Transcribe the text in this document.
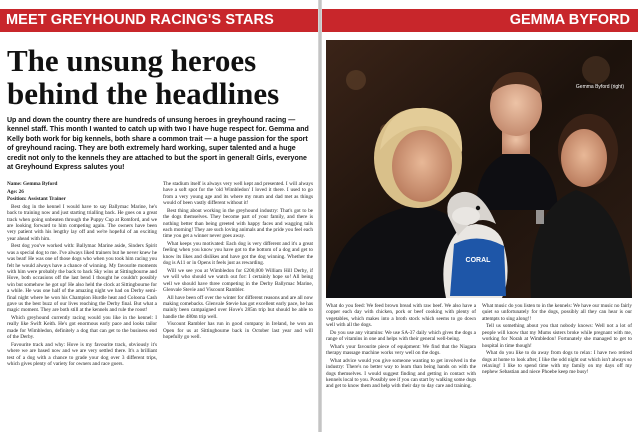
MEET GREYHOUND RACING'S STARS	GEMMA BYFORD
The unsung heroes behind the headlines

Up and down the country there are hundreds of unsung heroes in greyhound racing — kennel staff. This month I wanted to catch up with two I have huge respect for. Gemma and Kelly both work for big kennels, both share a common trait — a huge passion for the sport of greyhound racing. They are both extremely hard working, super talented and a huge credit not only to the kennels they are attached to but the sport in general! Girls, everyone at Greyhound Express salutes you!

Name: Gemma Byford

Age: 26

Position: Assistant Trainer

Best dog in the kennel I would have to say Ballymac Marine, he's back to training now and just starting trialling back. He goes on a great track when going unbeaten through the Puppy Cup at Romford, and we are looking forward to him competing again. The owners have been very patient with his lengthy lay off and we're hopeful of an exciting year ahead with him.

Best dog you've worked with: Ballymac Marine aside, Sinders Spirit was a special dog to me. I've always liked trainers but he never knew he was beat! He was one of those dogs who when you took him racing you felt he would always have a chance of winning. My favourite moments with him were probably the back to back Sky wins at Sittingbourne and Hove, both occasions off the last bend I thought he couldn't possibly win but somehow he got up! He also held the clock at Sittingbourne for a while. He was one half of the amazing night we had on Derby semi-final night where he won his Champion Hurdle heat and Coloona Cash gave us the best buzz of our lives reaching the Derby final. But what a magic moment. They are both still at the kennels and rule the roost!

Which greyhound currently racing would you like in the kennel: I really like Swift Keith. He's got enormous early pace and looks tailor made for Wimbledon, definitely a dog that can get to the business end of the Derby.

Favourite track and why: Hove is my favourite track, obviously it's where we are based now and we are very settled there. It's a brilliant test of a dog with a chance to grade your dog over 3 different trips, which gives plenty of variety for owners and race goers.

The stadium itself is always very well kept and presented. I will always have a soft spot for the 'old Wimbledon' I loved it there. I used to go from a very young age and its where my mum and dad met as things would of been vastly different without it!

Best thing about working in the greyhound industry: That's got to be the dogs themselves. They become part of your family, and there is nothing better than being greeted with happy faces and wagging tails each morning! They are such loving animals and the pride you feel each time you get a winner never goes away.

What keeps you motivated: Each dog is very different and it's a great feeling when you know you have got to the bottom of a dog and get to know its likes and dislikes and have got the dog winning. Whether the dog is A11 or in Opens it feels just as rewarding.

Will we see you at Wimbledon for £200,000 William Hill Derby, if we will who should we watch out for: I certainly hope so! All being well we should have three competing in the Derby Ballymac Marine, Glenvale Stevie and Viscount Rambler.

All have been off over the winter for different reasons and are all now making comebacks. Glenvale Stevie has got excellent early pace, he has mainly been campaigned over Hove's 285m trip but should be able to handle the 480m trip well.

Viscount Rambler has run in good company in Ireland, he won an Open for us at Sittingbourne back in October last year and will hopefully go well.

CORAL
Gemma Byford (right)

What do you feed: We feed brown bread with raw beef. We also have a copper each day with chicken, pork or beef cooking with plenty of vegetables, which makes into a broth stock which seems to go down well with all the dogs.

Do you use any vitamins: We use SA-37 daily which gives the dogs a range of vitamins in one and helps with their general well-being.

What's your favourite piece of equipment: We find that the Niagara therapy massage machine works very well on the dogs.

What advice would you give someone wanting to get involved in the industry: There's no better way to learn than being hands on with the dogs themselves. I would suggest finding and getting in contact with kennels local to you. Possibly see if you can start by walking some dogs and get to know them and help with their day to day care and training.

What music do you listen to in the kennels: We have our music no fairly quiet so unfortunately for the dogs, possibly all they can hear is our attempts to sing along!!

Tell us something about you that nobody knows: Well not a lot of people will know that my Mums sisters broke while pregnant with me, working for Norah at Wimbledon! Fortunately she managed to get to hospital in time though!

What do you like to do away from dogs to relax: I have two retired dogs at home to look after, I like the odd night out which isn't always so relaxing! I like to spend time with my family on my days off my nephew Sebastian and niece Phoebe keep me busy!
